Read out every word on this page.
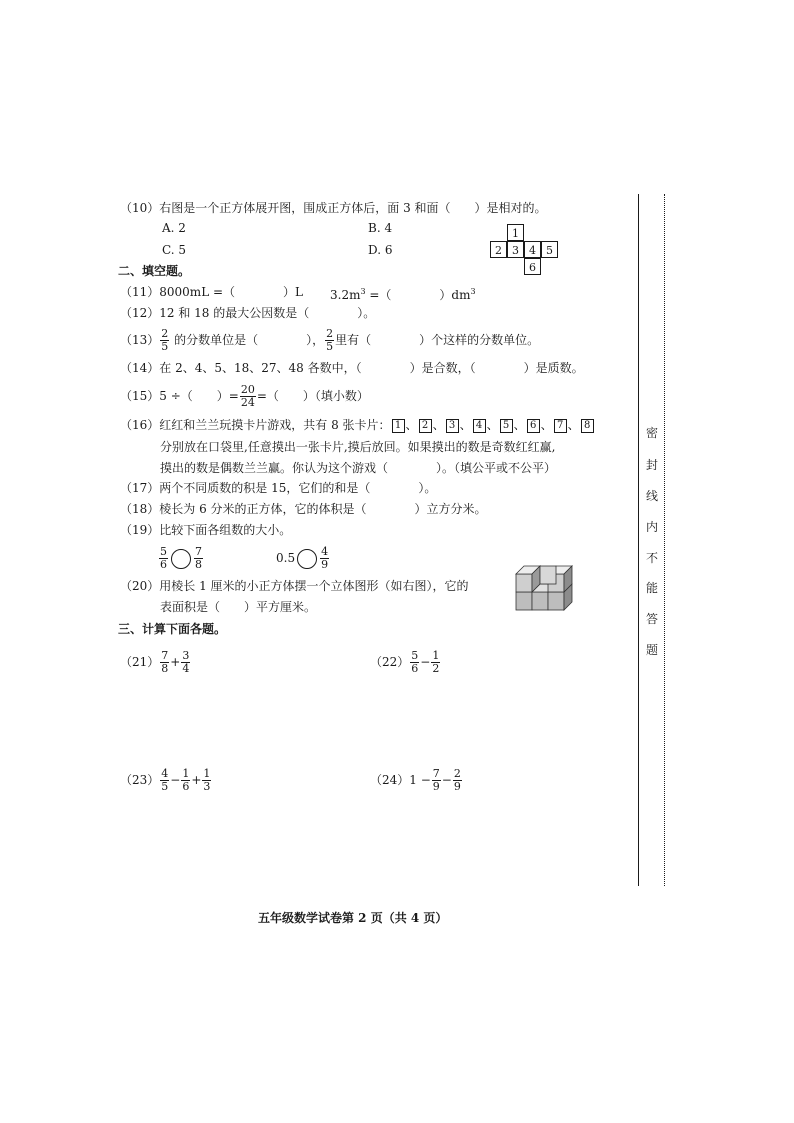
（10）右图是一个正方体展开图，围成正方体后，面 3 和面（　　）是相对的。
A. 2	B. 4
C. 5	D. 6
1
2 3 4 5
6
二、填空题。
（11）8000mL =（　　　　）L $3.2m^3$ =（　　　　）$dm^3$
（12）12 和 18 的最大公因数是（　　　　）。
$(13) \frac{2}{5}$ 的分数单位是（　　　　）， $\frac{2}{5}$ 里有（　　　　）个这样的分数单位。
（14）在 2、4、5、18、27、48 各数中，（　　　　）是合数，（　　　　）是质数。
（15）5 ÷（　　）= $\frac{20}{24}$ =（　　）（填小数）
（16）红红和兰兰玩摸卡片游戏，共有 8 张卡片： 1 、 2 、 3 、 4 、 5 、 6 、 7 、 8
分别放在口袋里,任意摸出一张卡片,摸后放回。如果摸出的数是奇数红红赢,
摸出的数是偶数兰兰赢。你认为这个游戏（　　　　）。（填公平或不公平）
（17）两个不同质数的积是 15，它们的和是（　　　　）。
（18）棱长为 6 分米的正方体，它的体积是（　　　　）立方分米。
（19）比较下面各组数的大小。
$\frac{5}{6} \frac{7}{8}$	$0.5 \frac{4}{9}$
（20）用棱长 1 厘米的小正方体摆一个立体图形（如右图），它的
表面积是（　　）平方厘米。
三、计算下面各题。
$(21) \frac{7}{8} + \frac{3}{4}$	$(22) \frac{5}{6} - \frac{1}{2}$
$(23) \frac{4}{5} - \frac{1}{6} + \frac{1}{3}$	$(24)1 - \frac{7}{9} - \frac{2}{9}$
密
封
线
内
不
能
答
题
五年级数学试卷第 2 页（共 4 页）
